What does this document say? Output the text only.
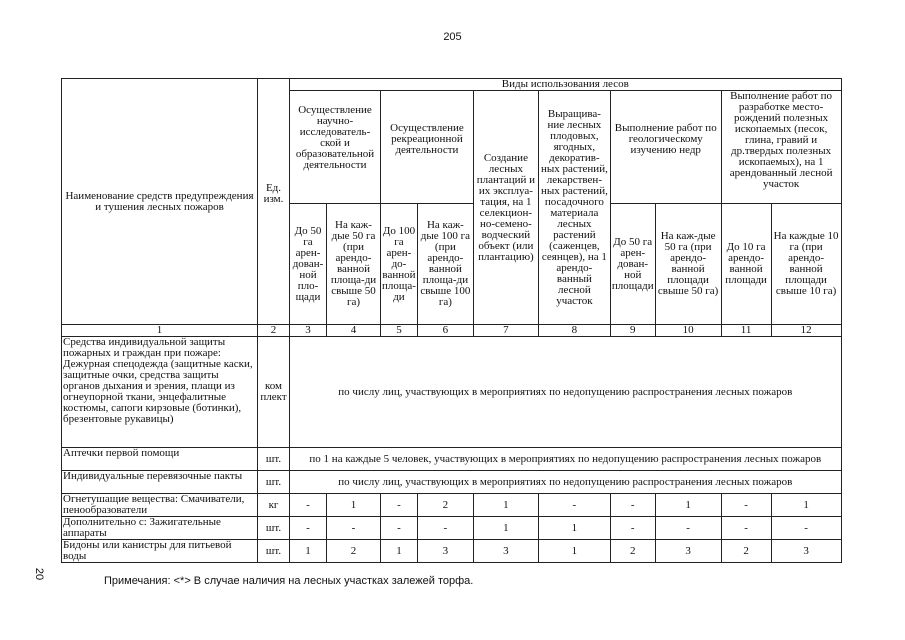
205
Наименование средств предупреждения и тушения лесных пожаров	Ед. изм.	Виды использования лесов									
		Осуществление научно-исследователь-ской и образовательной деятельности		Осуществление рекреационной деятельности		Создание лесных плантаций и их эксплуа-тация, на 1 селекцион-но-семено-водческий объект (или плантацию)	Выращива-ние лесных плодовых, ягодных, декоратив-ных растений, лекарствен-ных растений, посадочного материала лесных растений (саженцев, сеянцев), на 1 арендо-ванный лесной участок	Выполнение работ по геологическому изучению недр		Выполнение работ по разработке место-рождений полезных ископаемых (песок, глина, гравий и др.твердых полезных ископаемых), на 1 арендованный лесной участок	
		До 50 га арен-дован-ной пло-щади	На каж-дые 50 га (при арендо-ванной площа-ди свыше 50 га)	До 100 га арен-до-ванной площа-ди	На каж-дые 100 га (при арендо-ванной площа-ди свыше 100 га)			До 50 га арен-дован-ной площади	На каж-дые 50 га (при арендо-ванной площади свыше 50 га)	До 10 га арендо-ванной площади	На каждые 10 га (при арендо-ванной площади свыше 10 га)
1	2	3	4	5	6	7	8	9	10	11	12
Средства индивидуальной защиты пожарных и граждан при пожаре: Дежурная спецодежда (защитные каски, защитные очки, средства защиты органов дыхания и зрения, плащи из огнеупорной ткани, энцефалитные костюмы, сапоги кирзовые (ботинки), брезентовые рукавицы)	ком плект	по числу лиц, участвующих в мероприятиях по недопущению распространения лесных пожаров									
Аптечки первой помощи	шт.	по 1 на каждые 5 человек, участвующих в мероприятиях по недопущению распространения лесных пожаров									
Индивидуальные перевязочные пакты	шт.	по числу лиц, участвующих в мероприятиях по недопущению распространения лесных пожаров									
Огнетушащие вещества: Смачиватели, пенообразователи	кг	-	1	-	2	1	-	-	1	-	1
Дополнительно с: Зажигательные аппараты	шт.	-	-	-	-	1	1	-	-	-	-
Бидоны или канистры для питьевой воды	шт.	1	2	1	3	3	1	2	3	2	3
20
Примечания: <*> В случае наличия на лесных участках залежей торфа.
